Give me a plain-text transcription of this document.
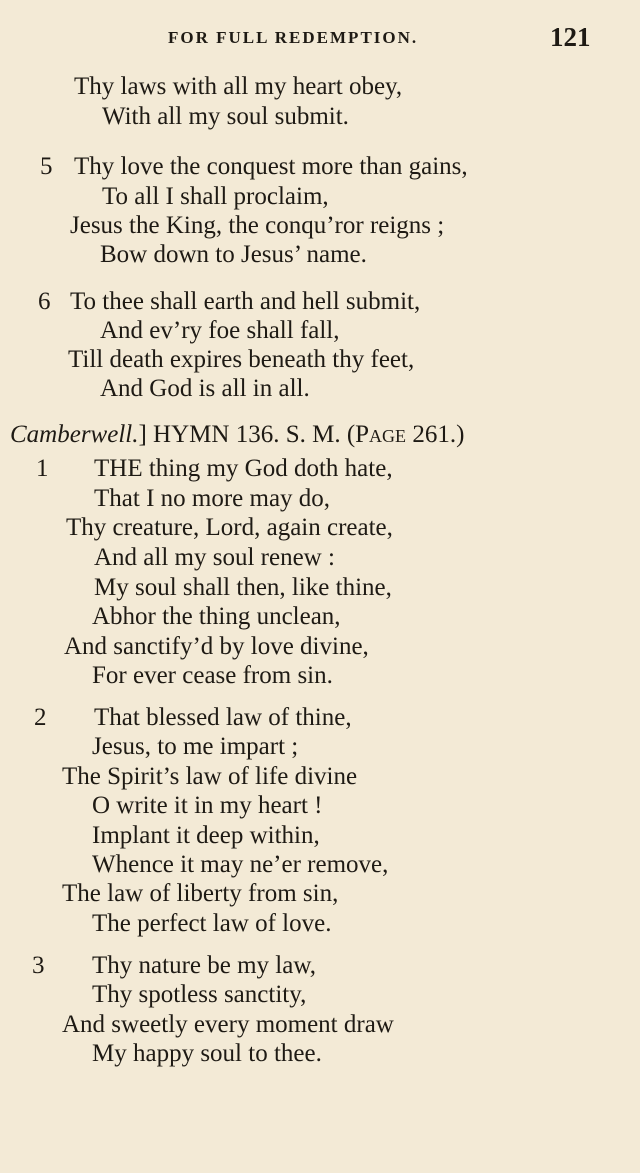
FOR FULL REDEMPTION.	121
Thy laws with all my heart obey,
With all my soul submit.
5 Thy love the conquest more than gains,
To all I shall proclaim,
Jesus the King, the conqu’ror reigns ;
Bow down to Jesus’ name.
6 To thee shall earth and hell submit,
And ev’ry foe shall fall,
Till death expires beneath thy feet,
And God is all in all.
Camberwell.] HYMN 136. S. M. (Page 261.)
1 THE thing my God doth hate,
That I no more may do,
Thy creature, Lord, again create,
And all my soul renew :
My soul shall then, like thine,
Abhor the thing unclean,
And sanctify’d by love divine,
For ever cease from sin.
2 That blessed law of thine,
Jesus, to me impart ;
The Spirit’s law of life divine
O write it in my heart !
Implant it deep within,
Whence it may ne’er remove,
The law of liberty from sin,
The perfect law of love.
3 Thy nature be my law,
Thy spotless sanctity,
And sweetly every moment draw
My happy soul to thee.
